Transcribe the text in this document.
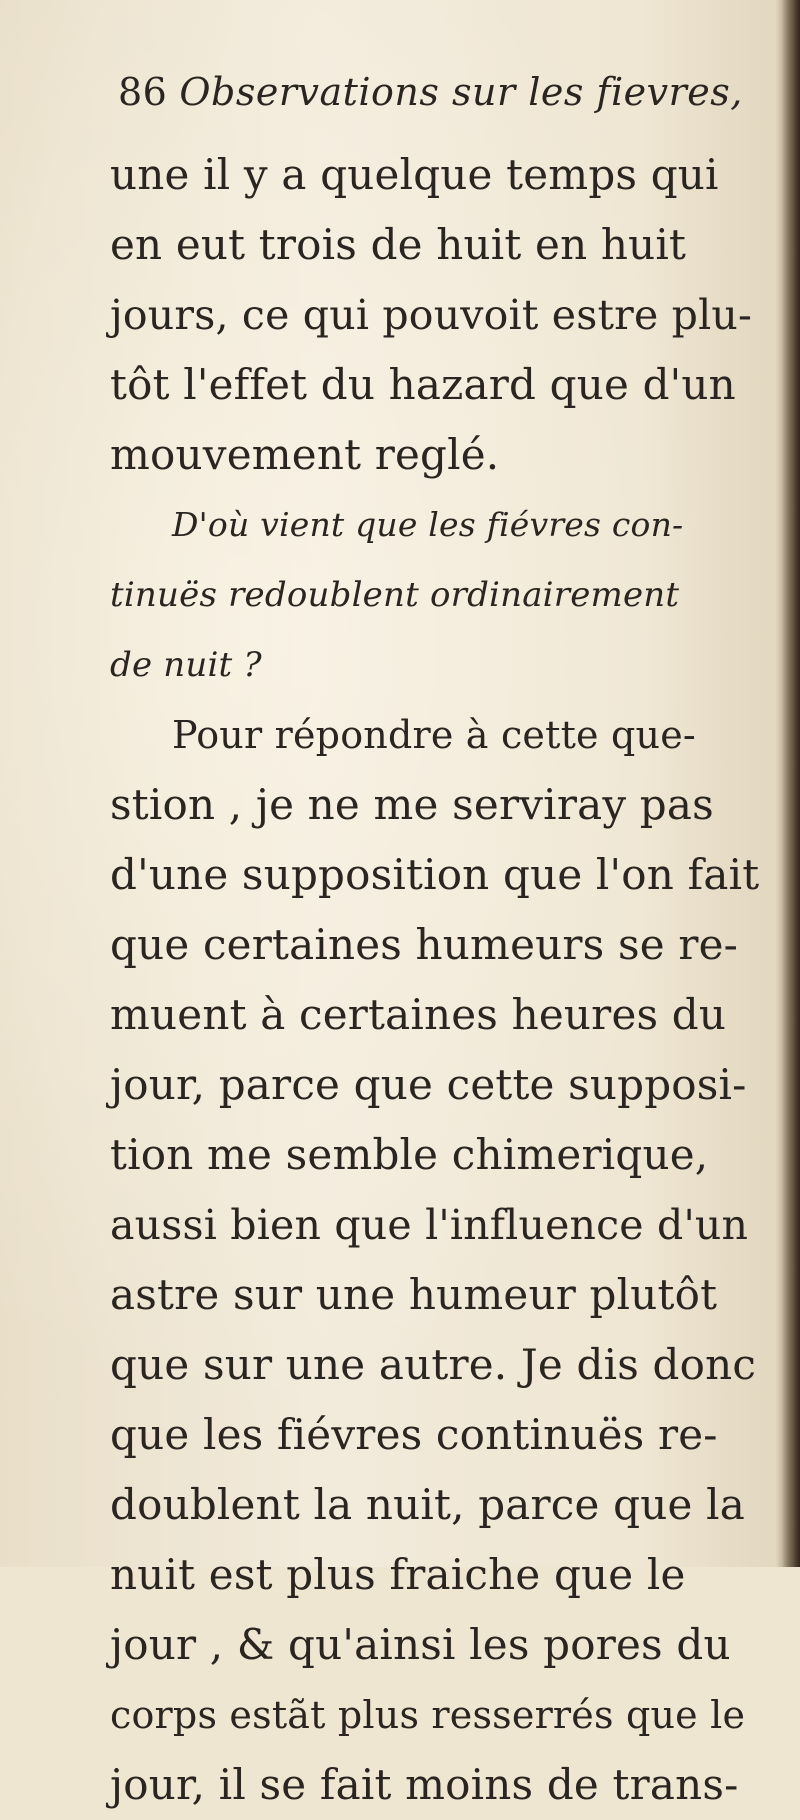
86 Observations sur les fievres,
une il y a quelque temps qui
en eut trois de huit en huit
jours, ce qui pouvoit estre plu-
tôt l'effet du hazard que d'un
mouvement reglé.
D'où vient que les fiévres con-
tinuës redoublent ordinairement
de nuit ?
Pour répondre à cette que-
stion , je ne me serviray pas
d'une supposition que l'on fait
que certaines humeurs se re-
muent à certaines heures du
jour, parce que cette supposi-
tion me semble chimerique,
aussi bien que l'influence d'un
astre sur une humeur plutôt
que sur une autre. Je dis donc
que les fiévres continuës re-
doublent la nuit, parce que la
nuit est plus fraiche que le
jour , & qu'ainsi les pores du
corps estãt plus resserrés que le
jour, il se fait moins de trans-
